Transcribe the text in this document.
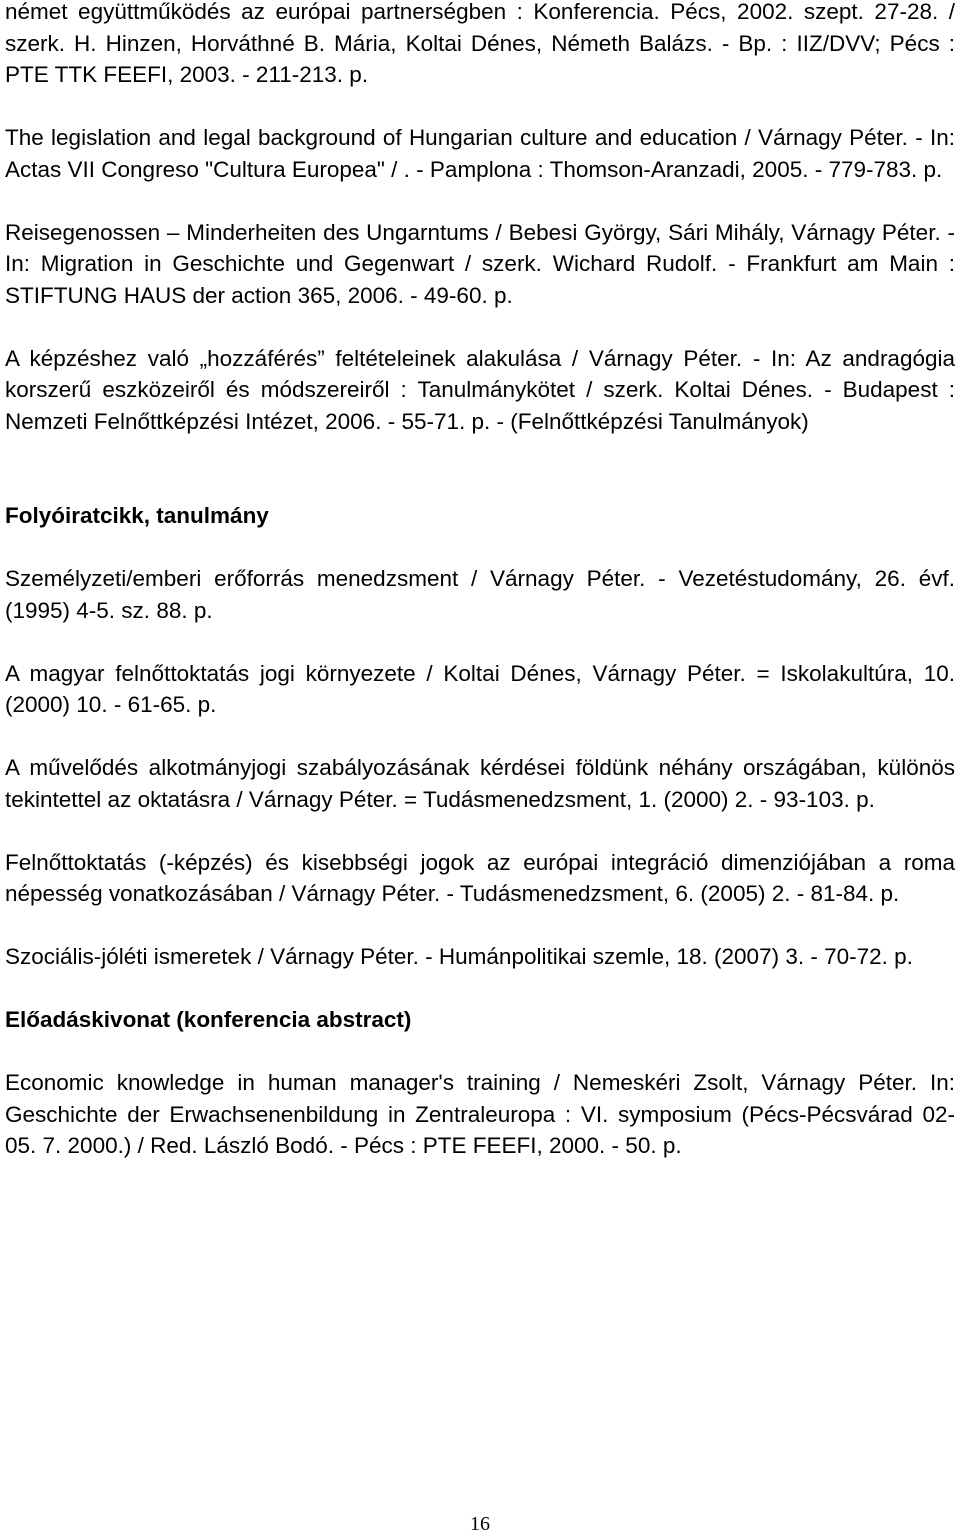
német együttműködés az európai partnerségben : Konferencia. Pécs, 2002. szept. 27-28. / szerk. H. Hinzen, Horváthné B. Mária, Koltai Dénes, Németh Balázs. - Bp. : IIZ/DVV; Pécs : PTE TTK FEEFI, 2003. - 211-213. p.

The legislation and legal background of Hungarian culture and education / Várnagy Péter. - In: Actas VII Congreso "Cultura Europea" / . - Pamplona : Thomson-Aranzadi, 2005. - 779-783. p.

Reisegenossen – Minderheiten des Ungarntums / Bebesi György, Sári Mihály, Várnagy Péter. - In: Migration in Geschichte und Gegenwart / szerk. Wichard Rudolf. - Frankfurt am Main : STIFTUNG HAUS der action 365, 2006. - 49-60. p.

A képzéshez való „hozzáférés” feltételeinek alakulása / Várnagy Péter. - In: Az andragógia korszerű eszközeiről és módszereiről : Tanulmánykötet / szerk. Koltai Dénes. - Budapest : Nemzeti Felnőttképzési Intézet, 2006. - 55-71. p. - (Felnőttképzési Tanulmányok)

Folyóiratcikk, tanulmány

Személyzeti/emberi erőforrás menedzsment / Várnagy Péter. - Vezetéstudomány, 26. évf. (1995) 4-5. sz. 88. p.

A magyar felnőttoktatás jogi környezete / Koltai Dénes, Várnagy Péter. = Iskolakultúra, 10. (2000) 10. - 61-65. p.

A művelődés alkotmányjogi szabályozásának kérdései földünk néhány országában, különös tekintettel az oktatásra / Várnagy Péter. = Tudásmenedzsment, 1. (2000) 2. - 93-103. p.

Felnőttoktatás (-képzés) és kisebbségi jogok az európai integráció dimenziójában a roma népesség vonatkozásában / Várnagy Péter. - Tudásmenedzsment, 6. (2005) 2. - 81-84. p.

Szociális-jóléti ismeretek / Várnagy Péter. - Humánpolitikai szemle, 18. (2007) 3. - 70-72. p.

Előadáskivonat (konferencia abstract)

Economic knowledge in human manager's training / Nemeskéri Zsolt, Várnagy Péter. In: Geschichte der Erwachsenenbildung in Zentraleuropa : VI. symposium (Pécs-Pécsvárad 02-05. 7. 2000.) / Red. László Bodó. - Pécs : PTE FEEFI, 2000. - 50. p.

16
